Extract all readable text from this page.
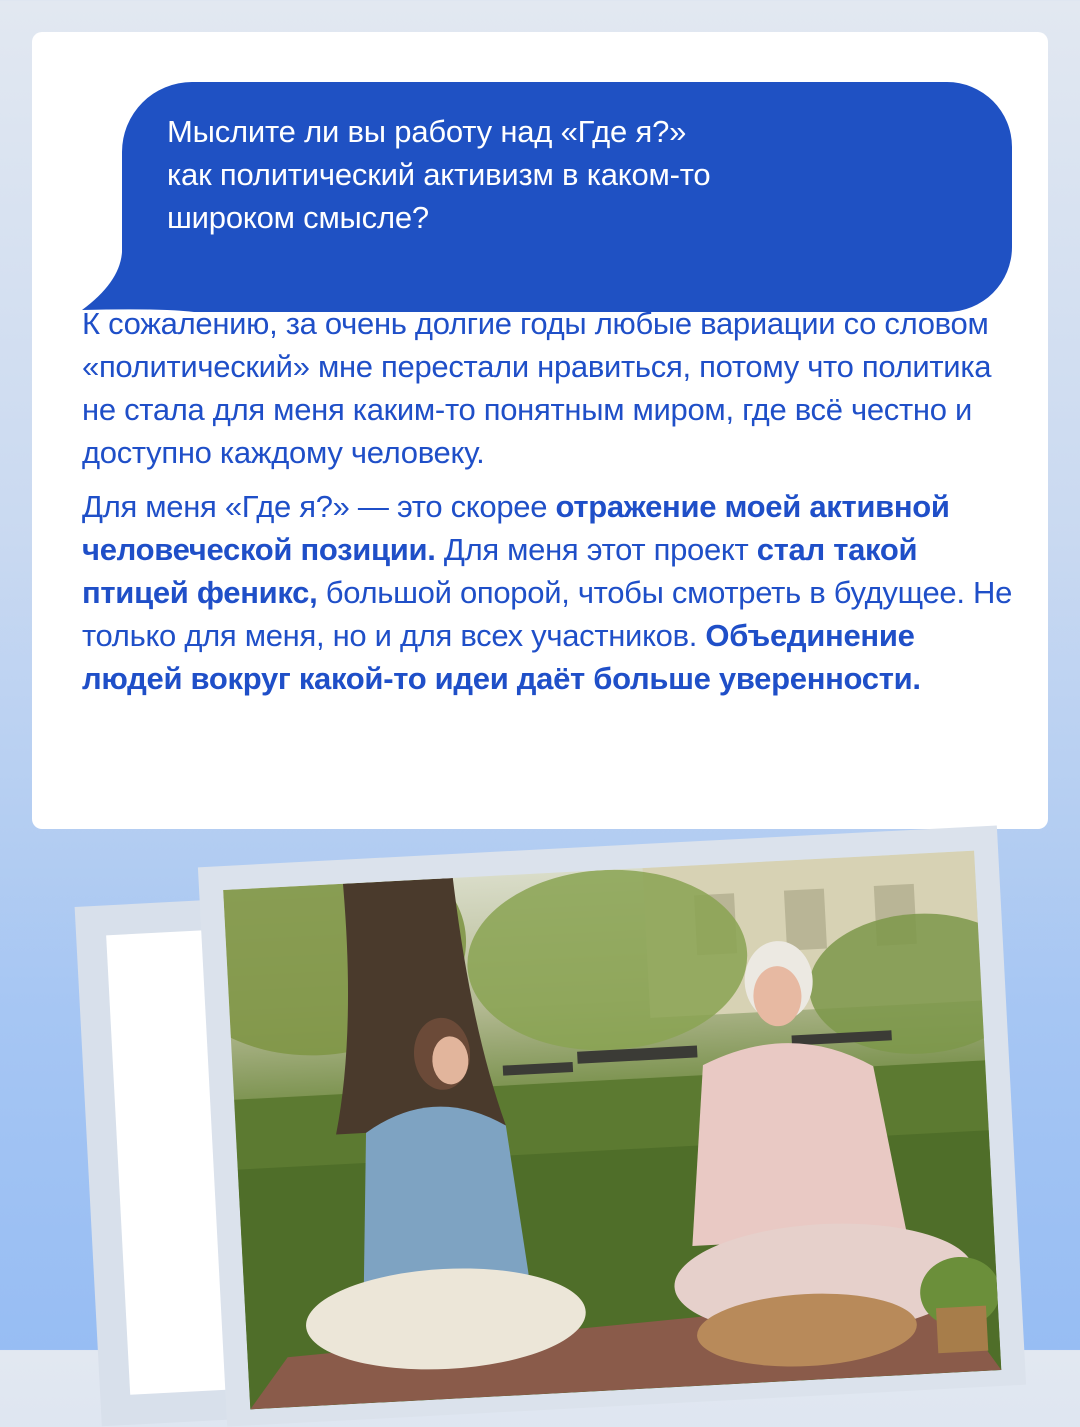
Мыслите ли вы работу над «Где я?»
как политический активизм в каком-то
широком смысле?

К сожалению, за очень долгие годы любые вариации со словом «политический» мне перестали нравиться, потому что политика не стала для меня каким-то понятным миром, где всё честно и доступно каждому человеку.

Для меня «Где я?» — это скорее отражение моей активной человеческой позиции. Для меня этот проект стал такой птицей феникс, большой опорой, чтобы смотреть в будущее. Не только для меня, но и для всех участников. Объединение людей вокруг какой-то идеи даёт больше уверенности.
